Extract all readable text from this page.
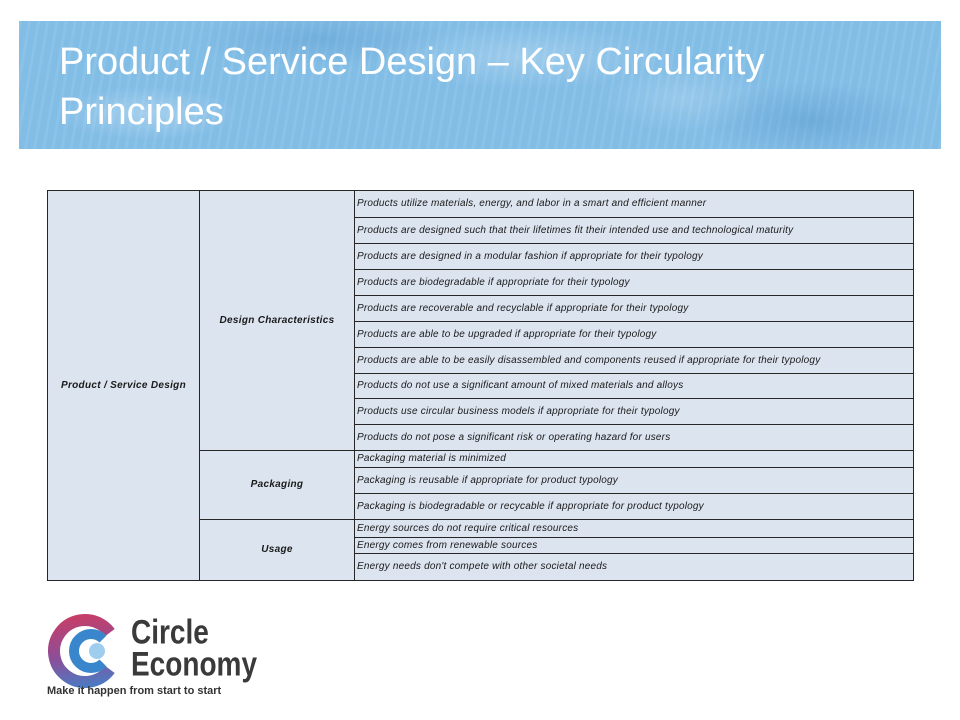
Product / Service Design – Key Circularity Principles
Product / Service Design	Design Characteristics	Products utilize materials, energy, and labor in a smart and efficient manner
		Products are designed such that their lifetimes fit their intended use and technological maturity
		Products are designed in a modular fashion if appropriate for their typology
		Products are biodegradable if appropriate for their typology
		Products are recoverable and recyclable if appropriate for their typology
		Products are able to be upgraded if appropriate for their typology
		Products are able to be easily disassembled and components reused if appropriate for their typology
		Products do not use a significant amount of mixed materials and alloys
		Products use circular business models if appropriate for their typology
		Products do not pose a significant risk or operating hazard for users
	Packaging	Packaging material is minimized
		Packaging is reusable if appropriate for product typology
		Packaging is biodegradable or recycable if appropriate for product typology
	Usage	Energy sources do not require critical resources
		Energy comes from renewable sources
		Energy needs don't compete with other societal needs

Circle

Economy

Make it happen from start to start
